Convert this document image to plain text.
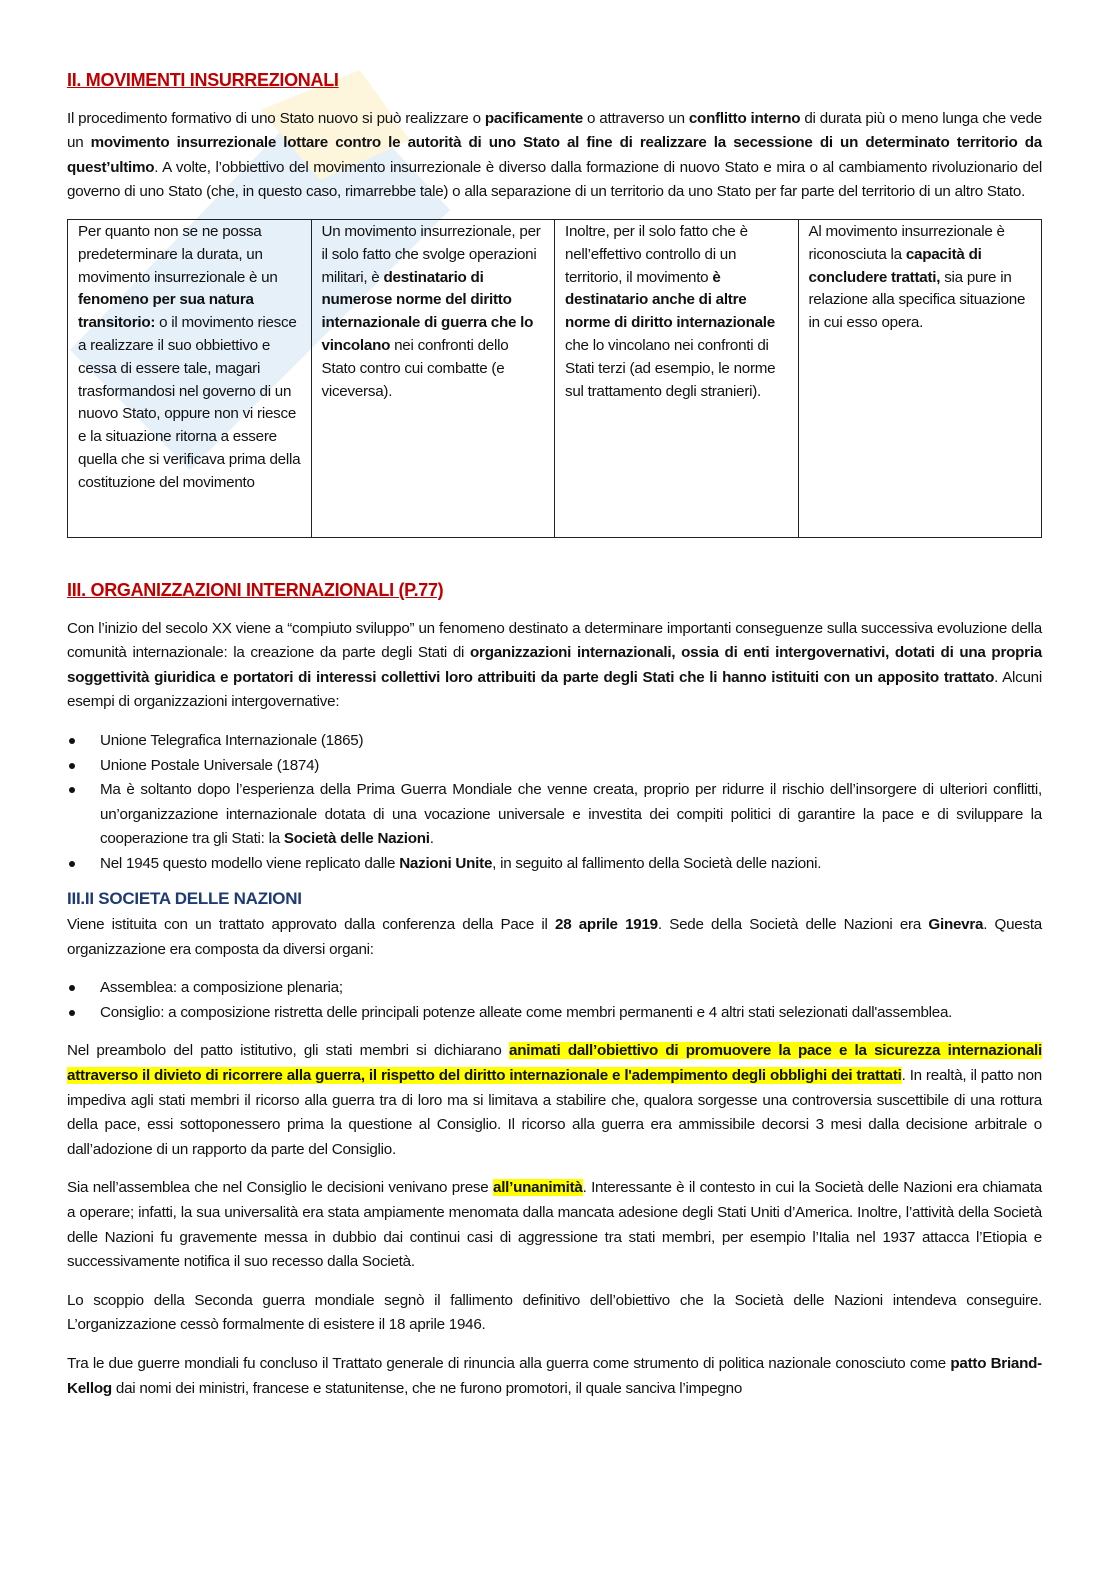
II. MOVIMENTI INSURREZIONALI

Il procedimento formativo di uno Stato nuovo si può realizzare o pacificamente o attraverso un conflitto interno di durata più o meno lunga che vede un movimento insurrezionale lottare contro le autorità di uno Stato al fine di realizzare la secessione di un determinato territorio da quest’ultimo. A volte, l’obbiettivo del movimento insurrezionale è diverso dalla formazione di nuovo Stato e mira o al cambiamento rivoluzionario del governo di uno Stato (che, in questo caso, rimarrebbe tale) o alla separazione di un territorio da uno Stato per far parte del territorio di un altro Stato.

Per quanto non se ne possa predeterminare la durata, un movimento insurrezionale è un fenomeno per sua natura transitorio: o il movimento riesce a realizzare il suo obbiettivo e cessa di essere tale, magari trasformandosi nel governo di un nuovo Stato, oppure non vi riesce e la situazione ritorna a essere quella che si verificava prima della costituzione del movimento	Un movimento insurrezionale, per il solo fatto che svolge operazioni militari, è destinatario di numerose norme del diritto internazionale di guerra che lo vincolano nei confronti dello Stato contro cui combatte (e viceversa).	Inoltre, per il solo fatto che è nell’effettivo controllo di un territorio, il movimento è destinatario anche di altre norme di diritto internazionale che lo vincolano nei confronti di Stati terzi (ad esempio, le norme sul trattamento degli stranieri).	Al movimento insurrezionale è riconosciuta la capacità di concludere trattati, sia pure in relazione alla specifica situazione in cui esso opera.
III. ORGANIZZAZIONI INTERNAZIONALI (P.77)

Con l’inizio del secolo XX viene a “compiuto sviluppo” un fenomeno destinato a determinare importanti conseguenze sulla successiva evoluzione della comunità internazionale: la creazione da parte degli Stati di organizzazioni internazionali, ossia di enti intergovernativi, dotati di una propria soggettività giuridica e portatori di interessi collettivi loro attribuiti da parte degli Stati che li hanno istituiti con un apposito trattato. Alcuni esempi di organizzazioni intergovernative:

Unione Telegrafica Internazionale (1865)
Unione Postale Universale (1874)
Ma è soltanto dopo l’esperienza della Prima Guerra Mondiale che venne creata, proprio per ridurre il rischio dell’insorgere di ulteriori conflitti, un’organizzazione internazionale dotata di una vocazione universale e investita dei compiti politici di garantire la pace e di sviluppare la cooperazione tra gli Stati: la Società delle Nazioni.
Nel 1945 questo modello viene replicato dalle Nazioni Unite, in seguito al fallimento della Società delle nazioni.
III.II SOCIETA DELLE NAZIONI

Viene istituita con un trattato approvato dalla conferenza della Pace il 28 aprile 1919. Sede della Società delle Nazioni era Ginevra. Questa organizzazione era composta da diversi organi:

Assemblea: a composizione plenaria;
Consiglio: a composizione ristretta delle principali potenze alleate come membri permanenti e 4 altri stati selezionati dall'assemblea.

Nel preambolo del patto istitutivo, gli stati membri si dichiarano animati dall’obiettivo di promuovere la pace e la sicurezza internazionali attraverso il divieto di ricorrere alla guerra, il rispetto del diritto internazionale e l'adempimento degli obblighi dei trattati. In realtà, il patto non impediva agli stati membri il ricorso alla guerra tra di loro ma si limitava a stabilire che, qualora sorgesse una controversia suscettibile di una rottura della pace, essi sottoponessero prima la questione al Consiglio. Il ricorso alla guerra era ammissibile decorsi 3 mesi dalla decisione arbitrale o dall’adozione di un rapporto da parte del Consiglio.

Sia nell’assemblea che nel Consiglio le decisioni venivano prese all’unanimità. Interessante è il contesto in cui la Società delle Nazioni era chiamata a operare; infatti, la sua universalità era stata ampiamente menomata dalla mancata adesione degli Stati Uniti d’America. Inoltre, l’attività della Società delle Nazioni fu gravemente messa in dubbio dai continui casi di aggressione tra stati membri, per esempio l’Italia nel 1937 attacca l’Etiopia e successivamente notifica il suo recesso dalla Società.

Lo scoppio della Seconda guerra mondiale segnò il fallimento definitivo dell’obiettivo che la Società delle Nazioni intendeva conseguire. L’organizzazione cessò formalmente di esistere il 18 aprile 1946.

Tra le due guerre mondiali fu concluso il Trattato generale di rinuncia alla guerra come strumento di politica nazionale conosciuto come patto Briand-Kellog dai nomi dei ministri, francese e statunitense, che ne furono promotori, il quale sanciva l’impegno
